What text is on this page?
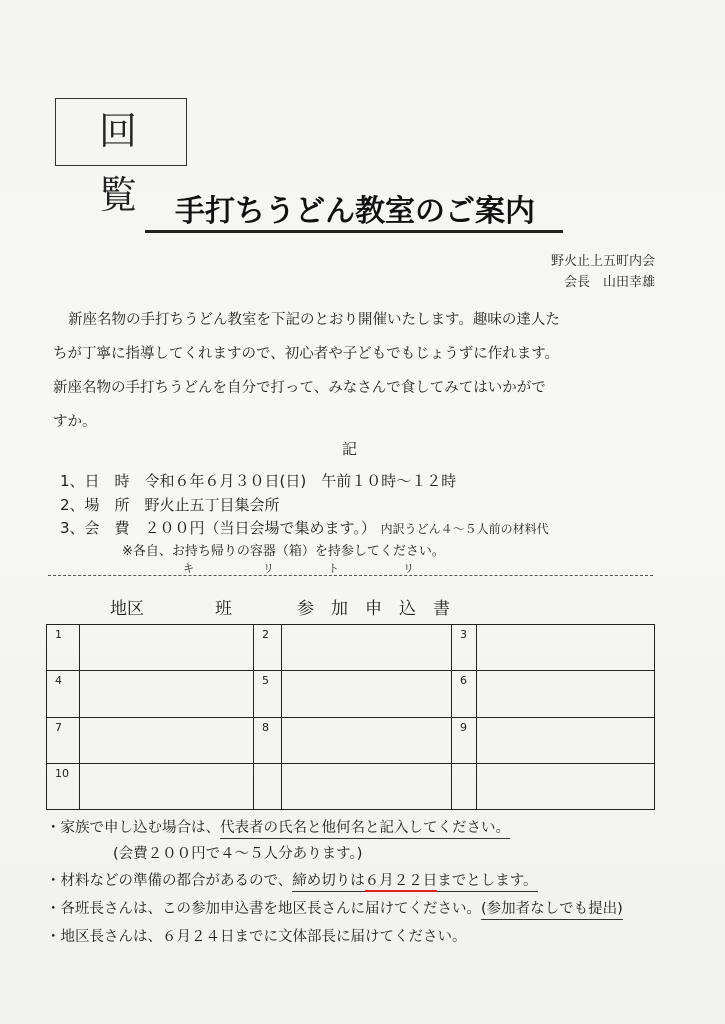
回覧 手打ちうどん教室のご案内
野火止上五町内会
会長　山田幸雄
新座名物の手打ちうどん教室を下記のとおり開催いたします。趣味の達人た
ちが丁寧に指導してくれますので、初心者や子どもでもじょうずに作れます。
新座名物の手打ちうどんを自分で打って、みなさんで食してみてはいかがで
すか。
記
1、日　時　令和６年６月３０日(日)　午前１０時〜１２時
2、場　所　野火止五丁目集会所
3、会　費　２００円（当日会場で集めます。） 内訳うどん４〜５人前の材料代
※各自、お持ち帰りの容器（箱）を持参してください。
キ	リ	ト	リ
地区	班	参　加　申　込　書
1		2		3	
4		5		6	
7		8		9	
10					
・家族で申し込む場合は、代表者の氏名と他何名と記入してください。
(会費２００円で４〜５人分あります。)
・材料などの準備の都合があるので、締め切りは６月２２日までとします。
・各班長さんは、この参加申込書を地区長さんに届けてください。(参加者なしでも提出)
・地区長さんは、６月２４日までに文体部長に届けてください。
